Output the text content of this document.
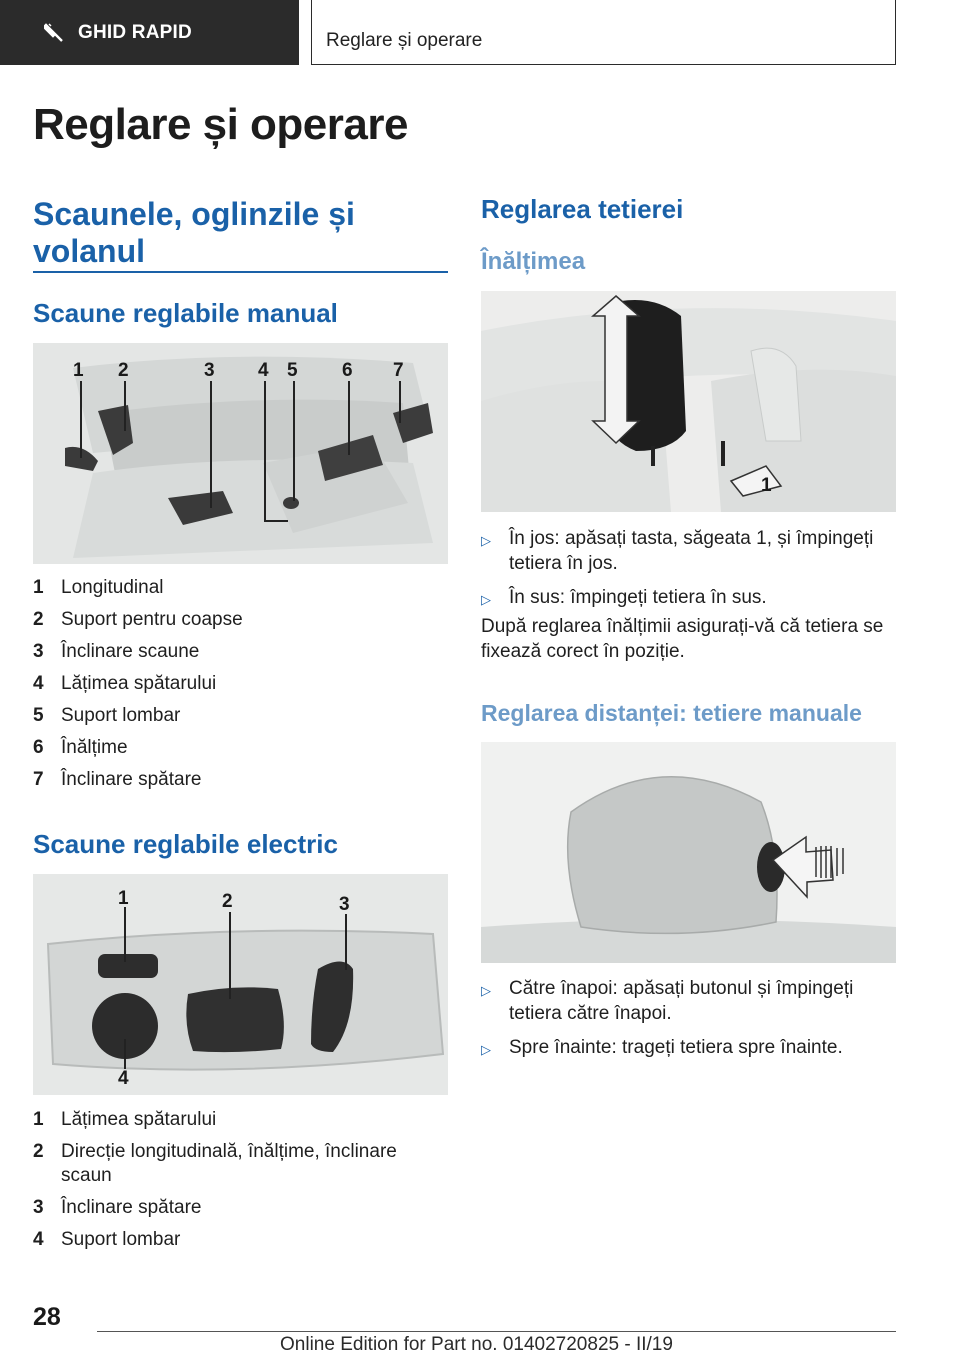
GHID RAPID	Reglare și operare
Reglare și operare
Scaunele, oglinzile și volanul
Scaune reglabile manual
1 2	3 4 5 6 7
1 Longitudinal
2 Suport pentru coapse
3 Înclinare scaune
4 Lățimea spătarului
5 Suport lombar
6 Înălțime
7 Înclinare spătare
Scaune reglabile electric
1	2	3
4
1 Lățimea spătarului
2 Direcție longitudinală, înălțime, înclinare scaun
3 Înclinare spătare
4 Suport lombar
Reglarea tetierei
Înălțimea
1
▷ În jos: apăsați tasta, săgeata 1, și împingeți tetiera în jos.
▷ În sus: împingeți tetiera în sus.
După reglarea înălțimii asigurați-vă că tetiera se fixează corect în poziție.
Reglarea distanței: tetiere manuale
▷ Către înapoi: apăsați butonul și împingeți tetiera către înapoi.
▷ Spre înainte: trageți tetiera spre înainte.
28
Online Edition for Part no. 01402720825 - II/19
